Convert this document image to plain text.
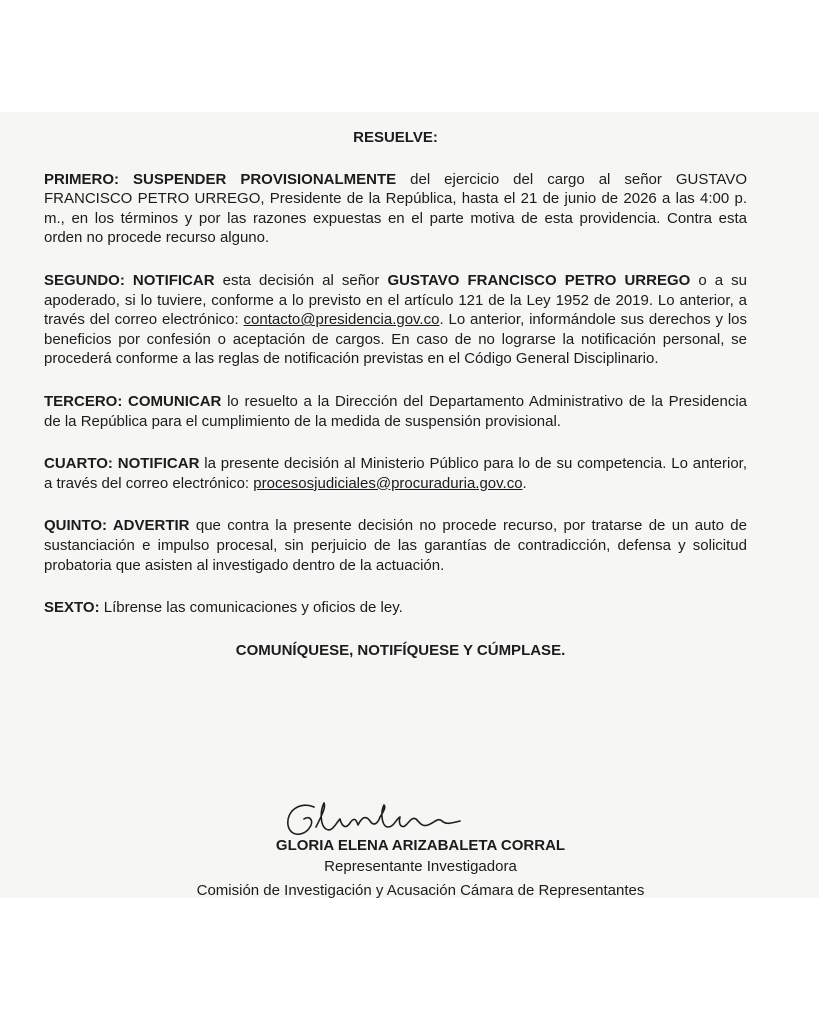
RESUELVE:

PRIMERO: SUSPENDER PROVISIONALMENTE del ejercicio del cargo al señor GUSTAVO FRANCISCO PETRO URREGO, Presidente de la República, hasta el 21 de junio de 2026 a las 4:00 p. m., en los términos y por las razones expuestas en el parte motiva de esta providencia. Contra esta orden no procede recurso alguno.

SEGUNDO: NOTIFICAR esta decisión al señor GUSTAVO FRANCISCO PETRO URREGO o a su apoderado, si lo tuviere, conforme a lo previsto en el artículo 121 de la Ley 1952 de 2019. Lo anterior, a través del correo electrónico: contacto@presidencia.gov.co. Lo anterior, informándole sus derechos y los beneficios por confesión o aceptación de cargos. En caso de no lograrse la notificación personal, se procederá conforme a las reglas de notificación previstas en el Código General Disciplinario.

TERCERO: COMUNICAR lo resuelto a la Dirección del Departamento Administrativo de la Presidencia de la República para el cumplimiento de la medida de suspensión provisional.

CUARTO: NOTIFICAR la presente decisión al Ministerio Público para lo de su competencia. Lo anterior, a través del correo electrónico: procesosjudiciales@procuraduria.gov.co.

QUINTO: ADVERTIR que contra la presente decisión no procede recurso, por tratarse de un auto de sustanciación e impulso procesal, sin perjuicio de las garantías de contradicción, defensa y solicitud probatoria que asisten al investigado dentro de la actuación.

SEXTO: Líbrense las comunicaciones y oficios de ley.

COMUNÍQUESE, NOTIFÍQUESE Y CÚMPLASE.
GLORIA ELENA ARIZABALETA CORRAL
Representante Investigadora
Comisión de Investigación y Acusación Cámara de Representantes
